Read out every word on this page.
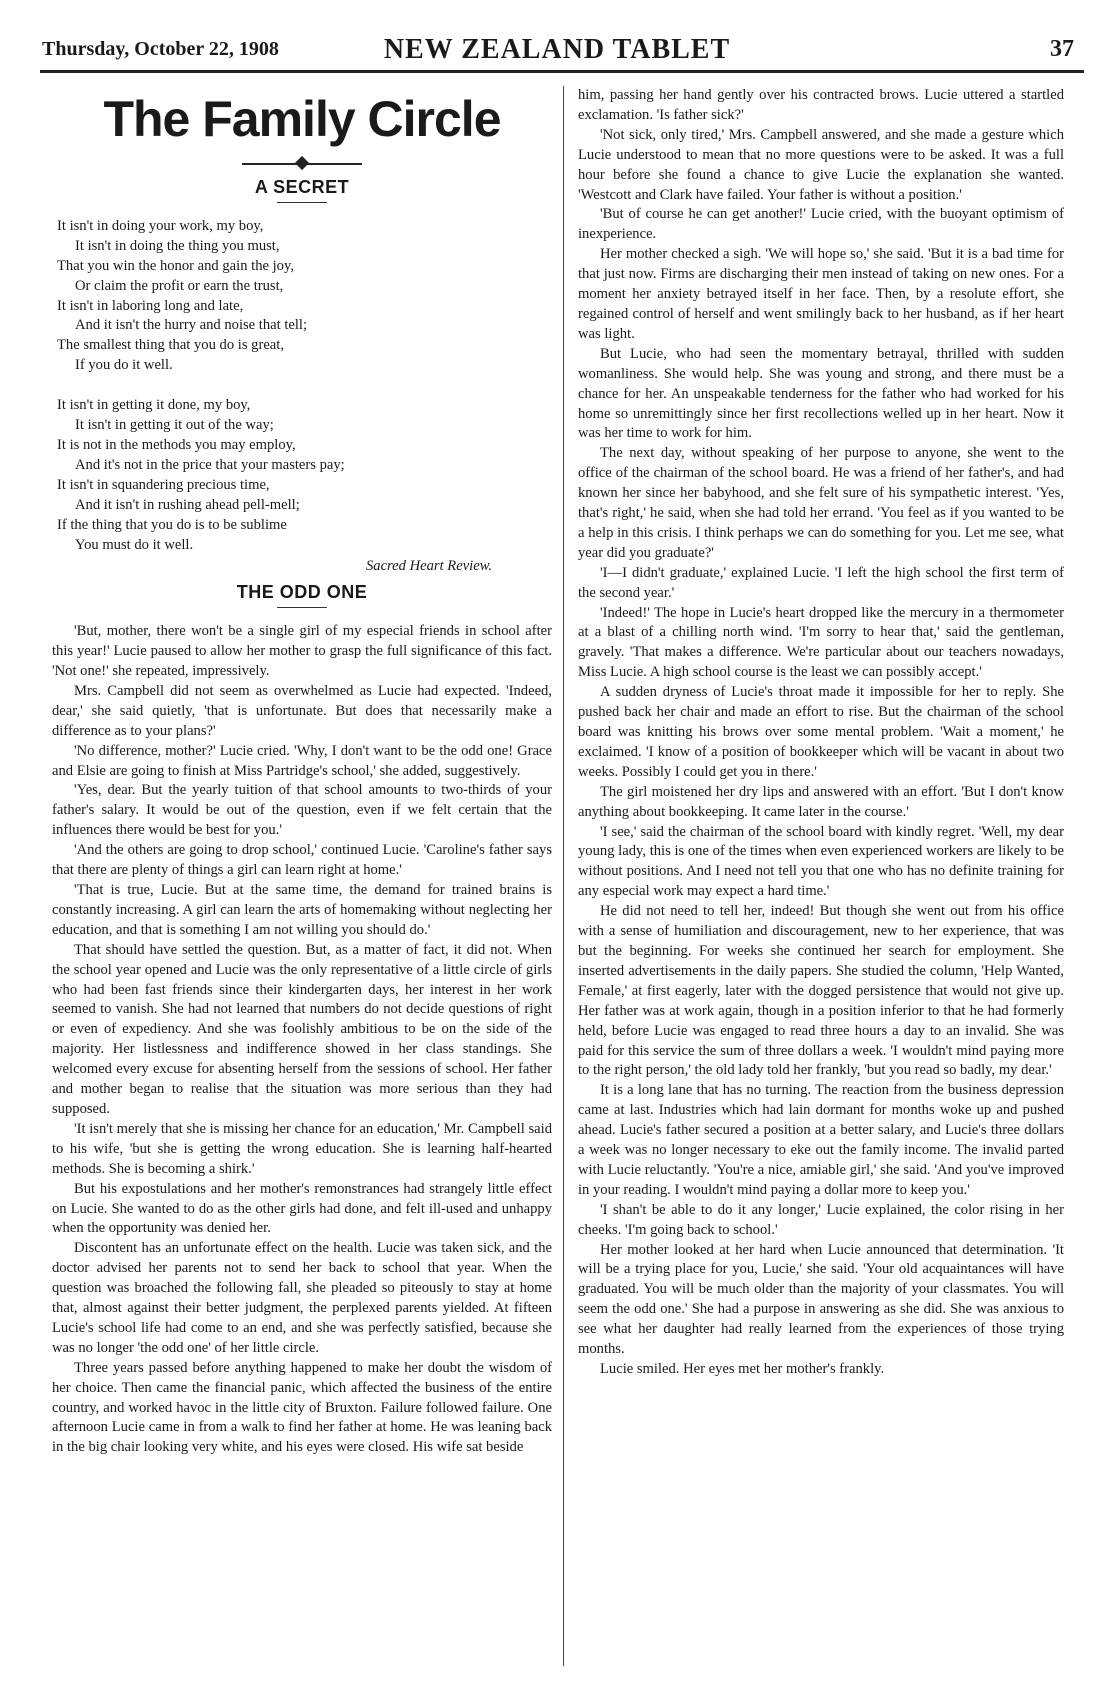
Thursday, October 22, 1908	NEW ZEALAND TABLET	37
The Family Circle
A SECRET
It isn't in doing your work, my boy,
It isn't in doing the thing you must,
That you win the honor and gain the joy,
Or claim the profit or earn the trust,
It isn't in laboring long and late,
And it isn't the hurry and noise that tell;
The smallest thing that you do is great,
If you do it well.
It isn't in getting it done, my boy,
It isn't in getting it out of the way;
It is not in the methods you may employ,
And it's not in the price that your masters pay;
It isn't in squandering precious time,
And it isn't in rushing ahead pell-mell;
If the thing that you do is to be sublime
You must do it well.
Sacred Heart Review.
THE ODD ONE

'But, mother, there won't be a single girl of my especial friends in school after this year!' Lucie paused to allow her mother to grasp the full significance of this fact. 'Not one!' she repeated, impressively.

Mrs. Campbell did not seem as overwhelmed as Lucie had expected. 'Indeed, dear,' she said quietly, 'that is unfortunate. But does that necessarily make a difference as to your plans?'

'No difference, mother?' Lucie cried. 'Why, I don't want to be the odd one! Grace and Elsie are going to finish at Miss Partridge's school,' she added, suggestively.

'Yes, dear. But the yearly tuition of that school amounts to two-thirds of your father's salary. It would be out of the question, even if we felt certain that the influences there would be best for you.'

'And the others are going to drop school,' continued Lucie. 'Caroline's father says that there are plenty of things a girl can learn right at home.'

'That is true, Lucie. But at the same time, the demand for trained brains is constantly increasing. A girl can learn the arts of homemaking without neglecting her education, and that is something I am not willing you should do.'

That should have settled the question. But, as a matter of fact, it did not. When the school year opened and Lucie was the only representative of a little circle of girls who had been fast friends since their kindergarten days, her interest in her work seemed to vanish. She had not learned that numbers do not decide questions of right or even of expediency. And she was foolishly ambitious to be on the side of the majority. Her listlessness and indifference showed in her class standings. She welcomed every excuse for absenting herself from the sessions of school. Her father and mother began to realise that the situation was more serious than they had supposed.

'It isn't merely that she is missing her chance for an education,' Mr. Campbell said to his wife, 'but she is getting the wrong education. She is learning half-hearted methods. She is becoming a shirk.'

But his expostulations and her mother's remonstrances had strangely little effect on Lucie. She wanted to do as the other girls had done, and felt ill-used and unhappy when the opportunity was denied her.

Discontent has an unfortunate effect on the health. Lucie was taken sick, and the doctor advised her parents not to send her back to school that year. When the question was broached the following fall, she pleaded so piteously to stay at home that, almost against their better judgment, the perplexed parents yielded. At fifteen Lucie's school life had come to an end, and she was perfectly satisfied, because she was no longer 'the odd one' of her little circle.

Three years passed before anything happened to make her doubt the wisdom of her choice. Then came the financial panic, which affected the business of the entire country, and worked havoc in the little city of Bruxton. Failure followed failure. One afternoon Lucie came in from a walk to find her father at home. He was leaning back in the big chair looking very white, and his eyes were closed. His wife sat beside

him, passing her hand gently over his contracted brows. Lucie uttered a startled exclamation. 'Is father sick?'

'Not sick, only tired,' Mrs. Campbell answered, and she made a gesture which Lucie understood to mean that no more questions were to be asked. It was a full hour before she found a chance to give Lucie the explanation she wanted. 'Westcott and Clark have failed. Your father is without a position.'

'But of course he can get another!' Lucie cried, with the buoyant optimism of inexperience.

Her mother checked a sigh. 'We will hope so,' she said. 'But it is a bad time for that just now. Firms are discharging their men instead of taking on new ones. For a moment her anxiety betrayed itself in her face. Then, by a resolute effort, she regained control of herself and went smilingly back to her husband, as if her heart was light.

But Lucie, who had seen the momentary betrayal, thrilled with sudden womanliness. She would help. She was young and strong, and there must be a chance for her. An unspeakable tenderness for the father who had worked for his home so unremittingly since her first recollections welled up in her heart. Now it was her time to work for him.

The next day, without speaking of her purpose to anyone, she went to the office of the chairman of the school board. He was a friend of her father's, and had known her since her babyhood, and she felt sure of his sympathetic interest. 'Yes, that's right,' he said, when she had told her errand. 'You feel as if you wanted to be a help in this crisis. I think perhaps we can do something for you. Let me see, what year did you graduate?'

'I—I didn't graduate,' explained Lucie. 'I left the high school the first term of the second year.'

'Indeed!' The hope in Lucie's heart dropped like the mercury in a thermometer at a blast of a chilling north wind. 'I'm sorry to hear that,' said the gentleman, gravely. 'That makes a difference. We're particular about our teachers nowadays, Miss Lucie. A high school course is the least we can possibly accept.'

A sudden dryness of Lucie's throat made it impossible for her to reply. She pushed back her chair and made an effort to rise. But the chairman of the school board was knitting his brows over some mental problem. 'Wait a moment,' he exclaimed. 'I know of a position of bookkeeper which will be vacant in about two weeks. Possibly I could get you in there.'

The girl moistened her dry lips and answered with an effort. 'But I don't know anything about bookkeeping. It came later in the course.'

'I see,' said the chairman of the school board with kindly regret. 'Well, my dear young lady, this is one of the times when even experienced workers are likely to be without positions. And I need not tell you that one who has no definite training for any especial work may expect a hard time.'

He did not need to tell her, indeed! But though she went out from his office with a sense of humiliation and discouragement, new to her experience, that was but the beginning. For weeks she continued her search for employment. She inserted advertisements in the daily papers. She studied the column, 'Help Wanted, Female,' at first eagerly, later with the dogged persistence that would not give up. Her father was at work again, though in a position inferior to that he had formerly held, before Lucie was engaged to read three hours a day to an invalid. She was paid for this service the sum of three dollars a week. 'I wouldn't mind paying more to the right person,' the old lady told her frankly, 'but you read so badly, my dear.'

It is a long lane that has no turning. The reaction from the business depression came at last. Industries which had lain dormant for months woke up and pushed ahead. Lucie's father secured a position at a better salary, and Lucie's three dollars a week was no longer necessary to eke out the family income. The invalid parted with Lucie reluctantly. 'You're a nice, amiable girl,' she said. 'And you've improved in your reading. I wouldn't mind paying a dollar more to keep you.'

'I shan't be able to do it any longer,' Lucie explained, the color rising in her cheeks. 'I'm going back to school.'

Her mother looked at her hard when Lucie announced that determination. 'It will be a trying place for you, Lucie,' she said. 'Your old acquaintances will have graduated. You will be much older than the majority of your classmates. You will seem the odd one.' She had a purpose in answering as she did. She was anxious to see what her daughter had really learned from the experiences of those trying months.

Lucie smiled. Her eyes met her mother's frankly.
